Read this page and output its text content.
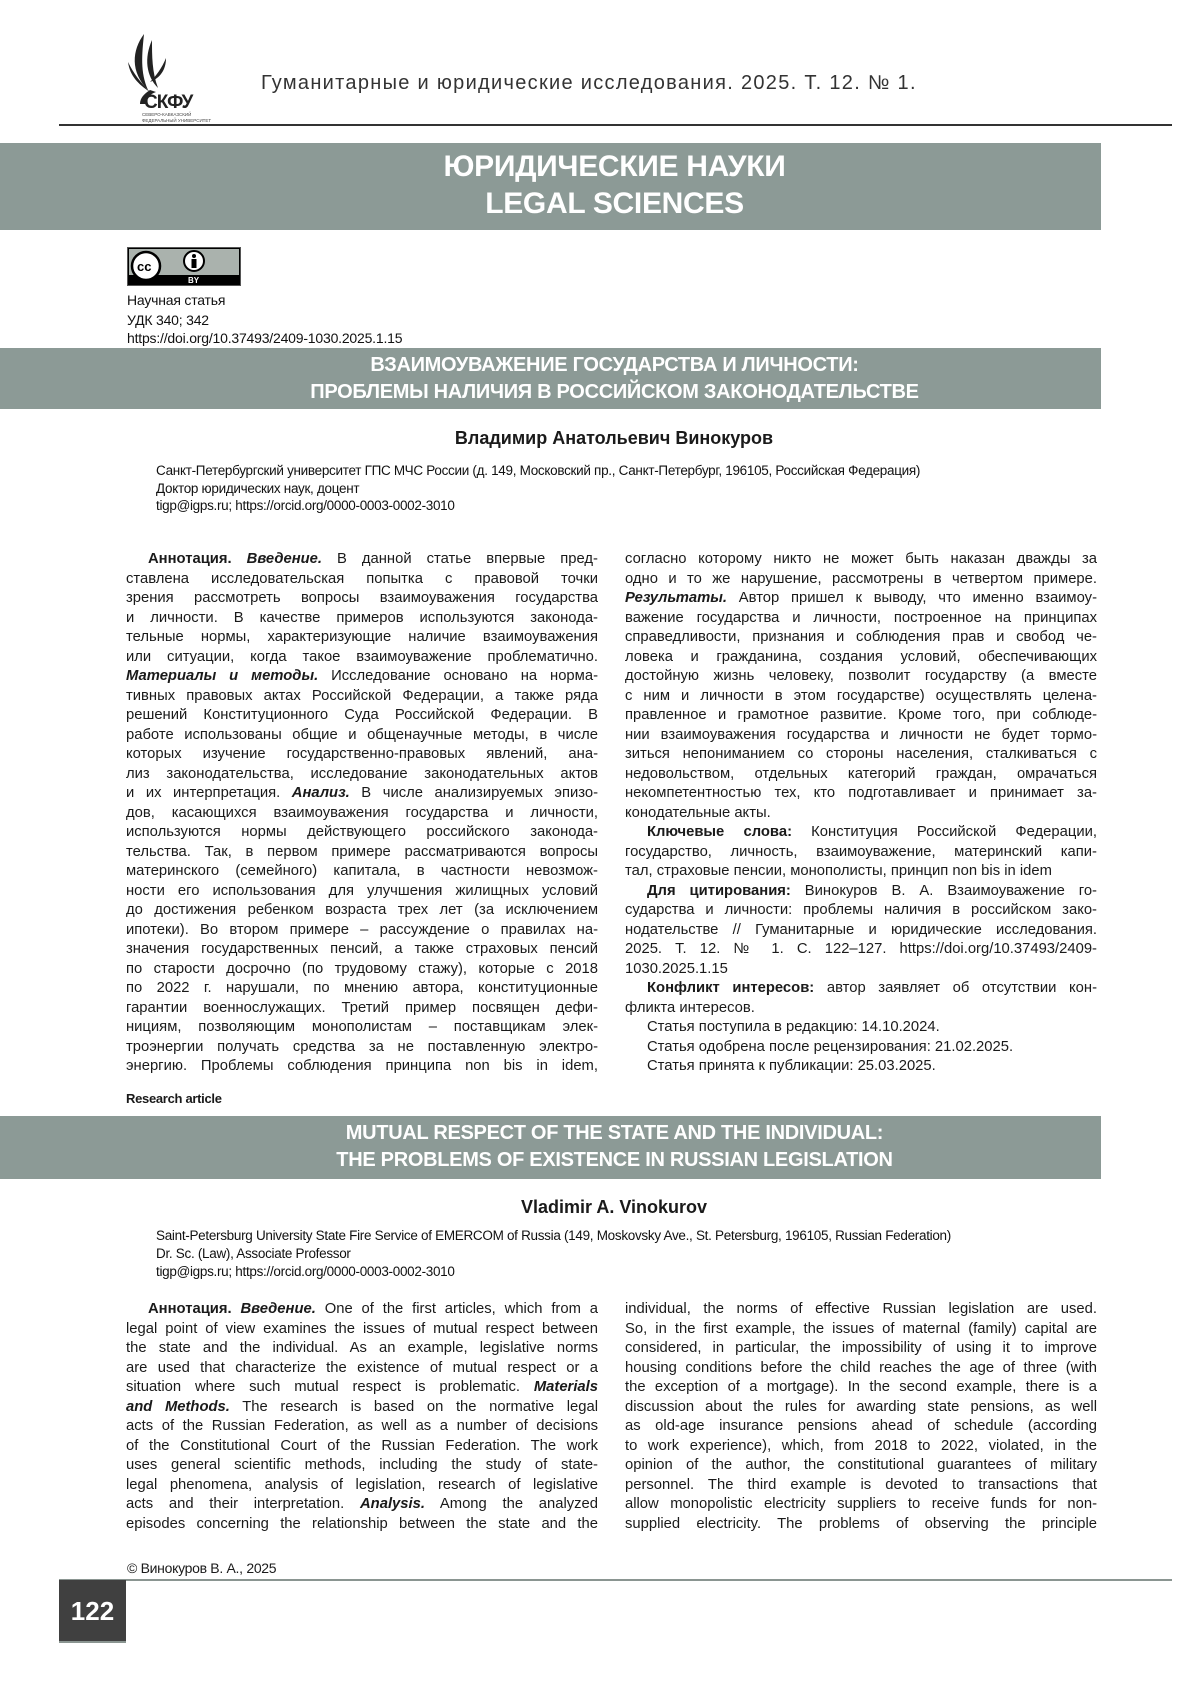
СКФУ
СЕВЕРО-КАВКАЗСКИЙ
ФЕДЕРАЛЬНЫЙ УНИВЕРСИТЕТ
Гуманитарные и юридические исследования. 2025. Т. 12. № 1.
ЮРИДИЧЕСКИЕ НАУКИ
LEGAL SCIENCES
cc
BY
Научная статья
УДК 340; 342
https://doi.org/10.37493/2409-1030.2025.1.15
ВЗАИМОУВАЖЕНИЕ ГОСУДАРСТВА И ЛИЧНОСТИ:
ПРОБЛЕМЫ НАЛИЧИЯ В РОССИЙСКОМ ЗАКОНОДАТЕЛЬСТВЕ
Владимир Анатольевич Винокуров
Санкт-Петербургский университет ГПС МЧС России (д. 149, Московский пр., Санкт-Петербург, 196105, Российская Федерация)
Доктор юридических наук, доцент
tigp@igps.ru; https://orcid.org/0000-0003-0002-3010
Аннотация. Введение. В данной статье впервые пред-
ставлена исследовательская попытка с правовой точки
зрения рассмотреть вопросы взаимоуважения государства
и личности. В качестве примеров используются законода-
тельные нормы, характеризующие наличие взаимоуважения
или ситуации, когда такое взаимоуважение проблематично.
Материалы и методы. Исследование основано на норма-
тивных правовых актах Российской Федерации, а также ряда
решений Конституционного Суда Российской Федерации. В
работе использованы общие и общенаучные методы, в числе
которых изучение государственно-правовых явлений, ана-
лиз законодательства, исследование законодательных актов
и их интерпретация. Анализ. В числе анализируемых эпизо-
дов, касающихся взаимоуважения государства и личности,
используются нормы действующего российского законода-
тельства. Так, в первом примере рассматриваются вопросы
материнского (семейного) капитала, в частности невозмож-
ности его использования для улучшения жилищных условий
до достижения ребенком возраста трех лет (за исключением
ипотеки). Во втором примере – рассуждение о правилах на-
значения государственных пенсий, а также страховых пенсий
по старости досрочно (по трудовому стажу), которые с 2018
по 2022 г. нарушали, по мнению автора, конституционные
гарантии военнослужащих. Третий пример посвящен дефи-
нициям, позволяющим монополистам – поставщикам элек-
троэнергии получать средства за не поставленную электро-
энергию. Проблемы соблюдения принципа non bis in idem,
согласно которому никто не может быть наказан дважды за
одно и то же нарушение, рассмотрены в четвертом примере.
Результаты. Автор пришел к выводу, что именно взаимоу-
важение государства и личности, построенное на принципах
справедливости, признания и соблюдения прав и свобод че-
ловека и гражданина, создания условий, обеспечивающих
достойную жизнь человеку, позволит государству (а вместе
с ним и личности в этом государстве) осуществлять целена-
правленное и грамотное развитие. Кроме того, при соблюде-
нии взаимоуважения государства и личности не будет тормо-
зиться непониманием со стороны населения, сталкиваться с
недовольством, отдельных категорий граждан, омрачаться
некомпетентностью тех, кто подготавливает и принимает за-
конодательные акты.
Ключевые слова: Конституция Российской Федерации,
государство, личность, взаимоуважение, материнский капи-
тал, страховые пенсии, монополисты, принцип non bis in idem
Для цитирования: Винокуров В. А. Взаимоуважение го-
сударства и личности: проблемы наличия в российском зако-
нодательстве // Гуманитарные и юридические исследования.
2025. Т. 12. № 1. С. 122–127. https://doi.org/10.37493/2409-
1030.2025.1.15
Конфликт интересов: автор заявляет об отсутствии кон-
фликта интересов.
Статья поступила в редакцию: 14.10.2024.
Статья одобрена после рецензирования: 21.02.2025.
Статья принята к публикации: 25.03.2025.
Research article
MUTUAL RESPECT OF THE STATE AND THE INDIVIDUAL:
THE PROBLEMS OF EXISTENCE IN RUSSIAN LEGISLATION
Vladimir A. Vinokurov
Saint-Petersburg University State Fire Service of EMERCOM of Russia (149, Moskovsky Ave., St. Petersburg, 196105, Russian Federation)
Dr. Sc. (Law), Associate Professor
tigp@igps.ru; https://orcid.org/0000-0003-0002-3010
Аннотация. Введение. One of the first articles, which from a
legal point of view examines the issues of mutual respect between
the state and the individual. As an example, legislative norms
are used that characterize the existence of mutual respect or a
situation where such mutual respect is problematic. Materials
and Methods. The research is based on the normative legal
acts of the Russian Federation, as well as a number of decisions
of the Constitutional Court of the Russian Federation. The work
uses general scientific methods, including the study of state-
legal phenomena, analysis of legislation, research of legislative
acts and their interpretation. Analysis. Among the analyzed
episodes concerning the relationship between the state and the
individual, the norms of effective Russian legislation are used.
So, in the first example, the issues of maternal (family) capital are
considered, in particular, the impossibility of using it to improve
housing conditions before the child reaches the age of three (with
the exception of a mortgage). In the second example, there is a
discussion about the rules for awarding state pensions, as well
as old-age insurance pensions ahead of schedule (according
to work experience), which, from 2018 to 2022, violated, in the
opinion of the author, the constitutional guarantees of military
personnel. The third example is devoted to transactions that
allow monopolistic electricity suppliers to receive funds for non-
supplied electricity. The problems of observing the principle
© Винокуров В. А., 2025
122
